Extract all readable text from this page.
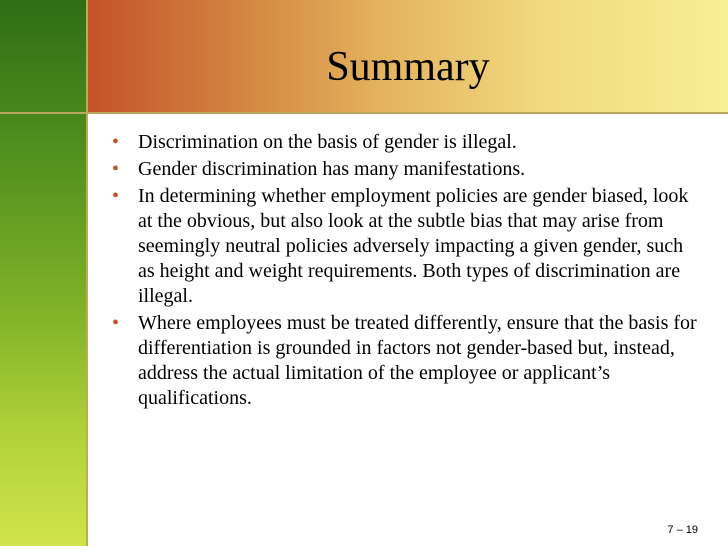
Summary
• Discrimination on the basis of gender is illegal.
• Gender discrimination has many manifestations.
• In determining whether employment policies are gender biased, look at the obvious, but also look at the subtle bias that may arise from seemingly neutral policies adversely impacting a given gender, such as height and weight requirements. Both types of discrimination are illegal.
• Where employees must be treated differently, ensure that the basis for differentiation is grounded in factors not gender-based but, instead, address the actual limitation of the employee or applicant’s qualifications.
7 – 19
